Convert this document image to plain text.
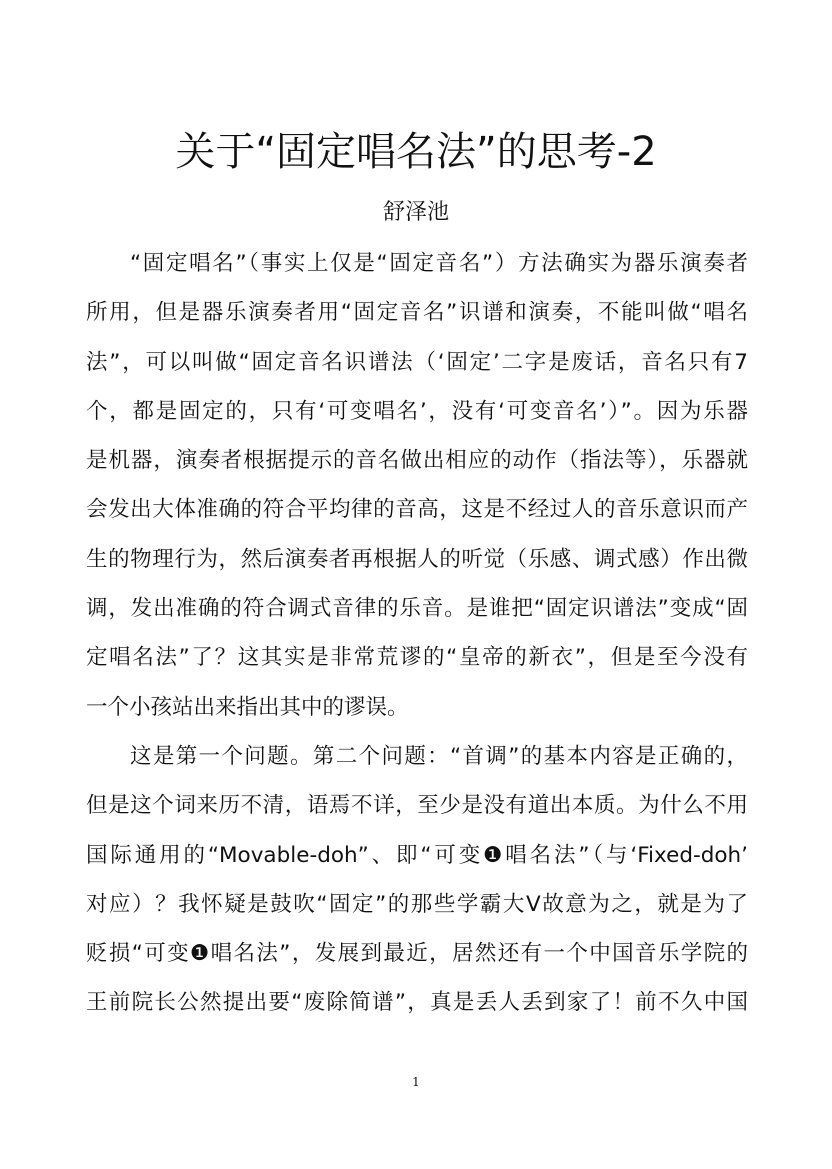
关于“固定唱名法”的思考-2
舒泽池
“固定唱名”（事实上仅是“固定音名”）方法确实为器乐演奏者
所用，但是器乐演奏者用“固定音名”识谱和演奏，不能叫做“唱名
法”，可以叫做“固定音名识谱法（‘固定’二字是废话，音名只有7
个，都是固定的，只有‘可变唱名’，没有‘可变音名’）”。因为乐器
是机器，演奏者根据提示的音名做出相应的动作（指法等），乐器就
会发出大体准确的符合平均律的音高，这是不经过人的音乐意识而产
生的物理行为，然后演奏者再根据人的听觉（乐感、调式感）作出微
调，发出准确的符合调式音律的乐音。是谁把“固定识谱法”变成“固
定唱名法”了？这其实是非常荒谬的“皇帝的新衣”，但是至今没有
一个小孩站出来指出其中的谬误。
这是第一个问题。第二个问题：“首调”的基本内容是正确的，
但是这个词来历不清，语焉不详，至少是没有道出本质。为什么不用
国际通用的“Movable-doh”、即“可变❶唱名法”（与‘Fixed-doh’
对应）？我怀疑是鼓吹“固定”的那些学霸大V故意为之，就是为了
贬损“可变❶唱名法”，发展到最近，居然还有一个中国音乐学院的
王前院长公然提出要“废除简谱”，真是丢人丢到家了！前不久中国
1
